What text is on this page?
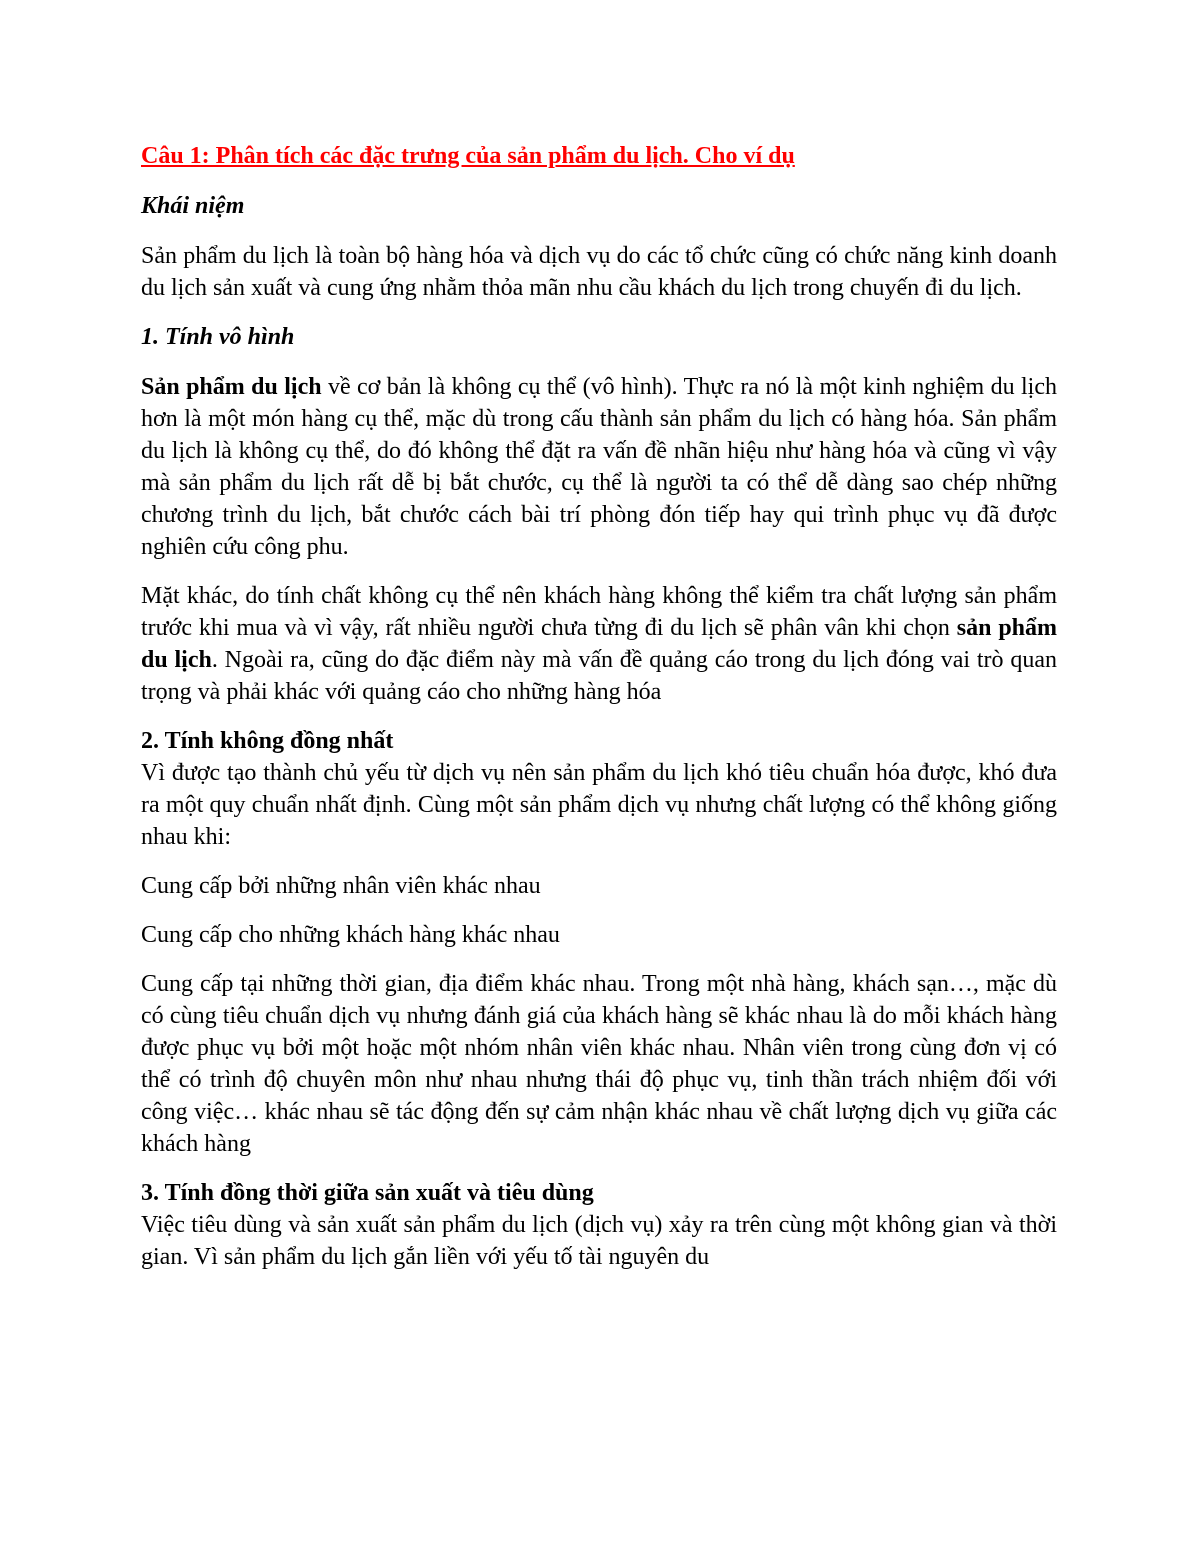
Câu 1: Phân tích các đặc trưng của sản phẩm du lịch. Cho ví dụ

Khái niệm

Sản phẩm du lịch là toàn bộ hàng hóa và dịch vụ do các tổ chức cũng có chức năng kinh doanh du lịch sản xuất và cung ứng nhằm thỏa mãn nhu cầu khách du lịch trong chuyến đi du lịch.

1. Tính vô hình

Sản phẩm du lịch về cơ bản là không cụ thể (vô hình). Thực ra nó là một kinh nghiệm du lịch hơn là một món hàng cụ thể, mặc dù trong cấu thành sản phẩm du lịch có hàng hóa. Sản phẩm du lịch là không cụ thể, do đó không thể đặt ra vấn đề nhãn hiệu như hàng hóa và cũng vì vậy mà sản phẩm du lịch rất dễ bị bắt chước, cụ thể là người ta có thể dễ dàng sao chép những chương trình du lịch, bắt chước cách bài trí phòng đón tiếp hay qui trình phục vụ đã được nghiên cứu công phu.

Mặt khác, do tính chất không cụ thể nên khách hàng không thể kiểm tra chất lượng sản phẩm trước khi mua và vì vậy, rất nhiều người chưa từng đi du lịch sẽ phân vân khi chọn sản phẩm du lịch. Ngoài ra, cũng do đặc điểm này mà vấn đề quảng cáo trong du lịch đóng vai trò quan trọng và phải khác với quảng cáo cho những hàng hóa

2. Tính không đồng nhất

Vì được tạo thành chủ yếu từ dịch vụ nên sản phẩm du lịch khó tiêu chuẩn hóa được, khó đưa ra một quy chuẩn nhất định. Cùng một sản phẩm dịch vụ nhưng chất lượng có thể không giống nhau khi:

Cung cấp bởi những nhân viên khác nhau

Cung cấp cho những khách hàng khác nhau

Cung cấp tại những thời gian, địa điểm khác nhau. Trong một nhà hàng, khách sạn…, mặc dù có cùng tiêu chuẩn dịch vụ nhưng đánh giá của khách hàng sẽ khác nhau là do mỗi khách hàng được phục vụ bởi một hoặc một nhóm nhân viên khác nhau. Nhân viên trong cùng đơn vị có thể có trình độ chuyên môn như nhau nhưng thái độ phục vụ, tinh thần trách nhiệm đối với công việc… khác nhau sẽ tác động đến sự cảm nhận khác nhau về chất lượng dịch vụ giữa các khách hàng

3. Tính đồng thời giữa sản xuất và tiêu dùng

Việc tiêu dùng và sản xuất sản phẩm du lịch (dịch vụ) xảy ra trên cùng một không gian và thời gian. Vì sản phẩm du lịch gắn liền với yếu tố tài nguyên du
